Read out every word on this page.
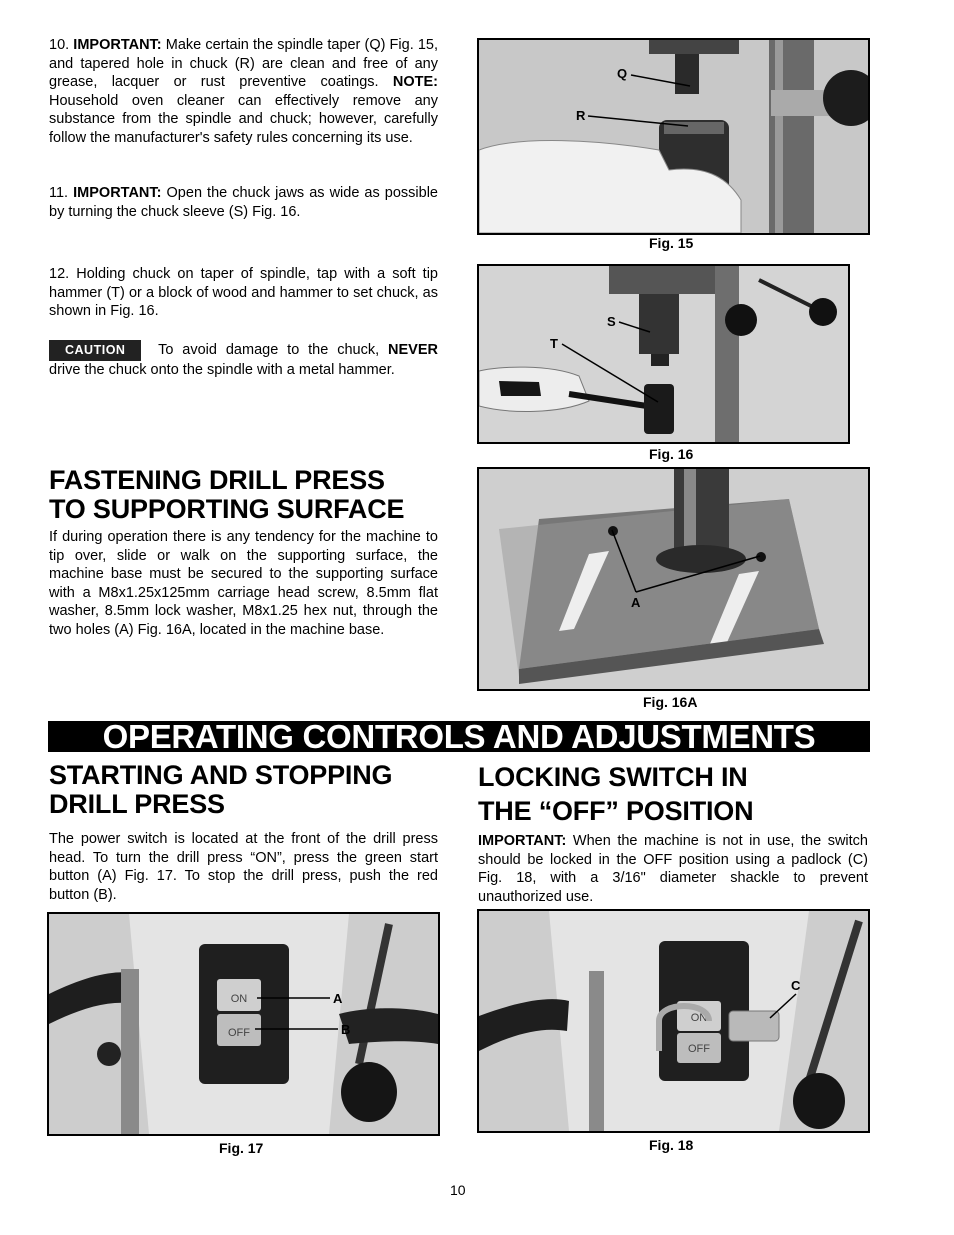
10. IMPORTANT: Make certain the spindle taper (Q) Fig. 15, and tapered hole in chuck (R) are clean and free of any grease, lacquer or rust preventive coatings. NOTE: Household oven cleaner can effectively remove any substance from the spindle and chuck; however, carefully follow the manufacturer's safety rules concerning its use.
11. IMPORTANT: Open the chuck jaws as wide as possible by turning the chuck sleeve (S) Fig. 16.
12. Holding chuck on taper of spindle, tap with a soft tip hammer (T) or a block of wood and hammer to set chuck, as shown in Fig. 16.
CAUTION To avoid damage to the chuck, NEVER drive the chuck onto the spindle with a metal hammer.
FASTENING DRILL PRESS
TO SUPPORTING SURFACE
If during operation there is any tendency for the machine to tip over, slide or walk on the supporting surface, the machine base must be secured to the supporting surface with a M8x1.25x125mm carriage head screw, 8.5mm flat washer, 8.5mm lock washer, M8x1.25 hex nut, through the two holes (A) Fig. 16A, located in the machine base.
Fig. 15
Q
R
Fig. 16
S
T
Fig. 16A
A
OPERATING CONTROLS AND ADJUSTMENTS
STARTING AND STOPPING
DRILL PRESS
The power switch is located at the front of the drill press head. To turn the drill press “ON”, press the green start button (A) Fig. 17. To stop the drill press, push the red button (B).
LOCKING SWITCH IN
THE “OFF” POSITION
IMPORTANT: When the machine is not in use, the switch should be locked in the OFF position using a padlock (C) Fig. 18, with a 3/16" diameter shackle to prevent unauthorized use.
ON
OFF
Fig. 17
A
B
ON
OFF
Fig. 18
C
10
